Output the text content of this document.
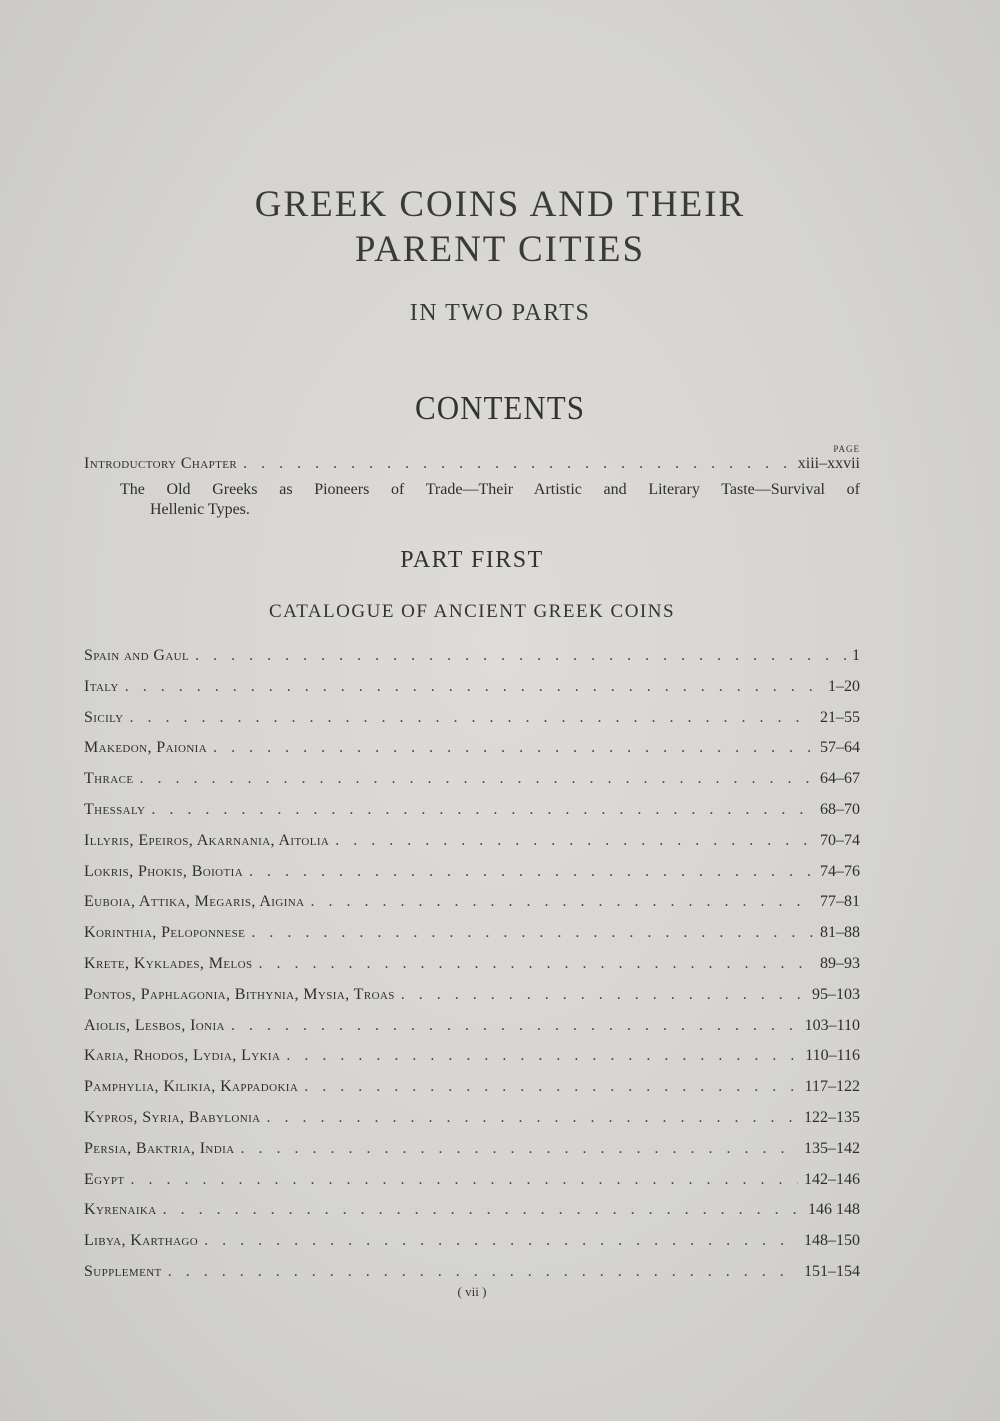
GREEK COINS AND THEIR
PARENT CITIES
IN TWO PARTS
CONTENTS
PAGE
Introductory Chapter . . .	xiii–xxvii
The Old Greeks as Pioneers of Trade—Their Artistic and Literary Taste—Survival of
Hellenic Types.
PART FIRST
CATALOGUE OF ANCIENT GREEK COINS
Spain and Gaul . . .	1
Italy . . .	1–20
Sicily . . .	21–55
Makedon, Paionia . . .	57–64
Thrace . . .	64–67
Thessaly . . .	68–70
Illyris, Epeiros, Akarnania, Aitolia . . .	70–74
Lokris, Phokis, Boiotia . . .	74–76
Euboia, Attika, Megaris, Aigina . . .	77–81
Korinthia, Peloponnese . . .	81–88
Krete, Kyklades, Melos . . .	89–93
Pontos, Paphlagonia, Bithynia, Mysia, Troas . . .	95–103
Aiolis, Lesbos, Ionia . . .	103–110
Karia, Rhodos, Lydia, Lykia . . .	110–116
Pamphylia, Kilikia, Kappadokia . . .	117–122
Kypros, Syria, Babylonia . . .	122–135
Persia, Baktria, India . . .	135–142
Egypt . . .	142–146
Kyrenaika . . .	146 148
Libya, Karthago . . .	148–150
Supplement . . .	151–154
( vii )
